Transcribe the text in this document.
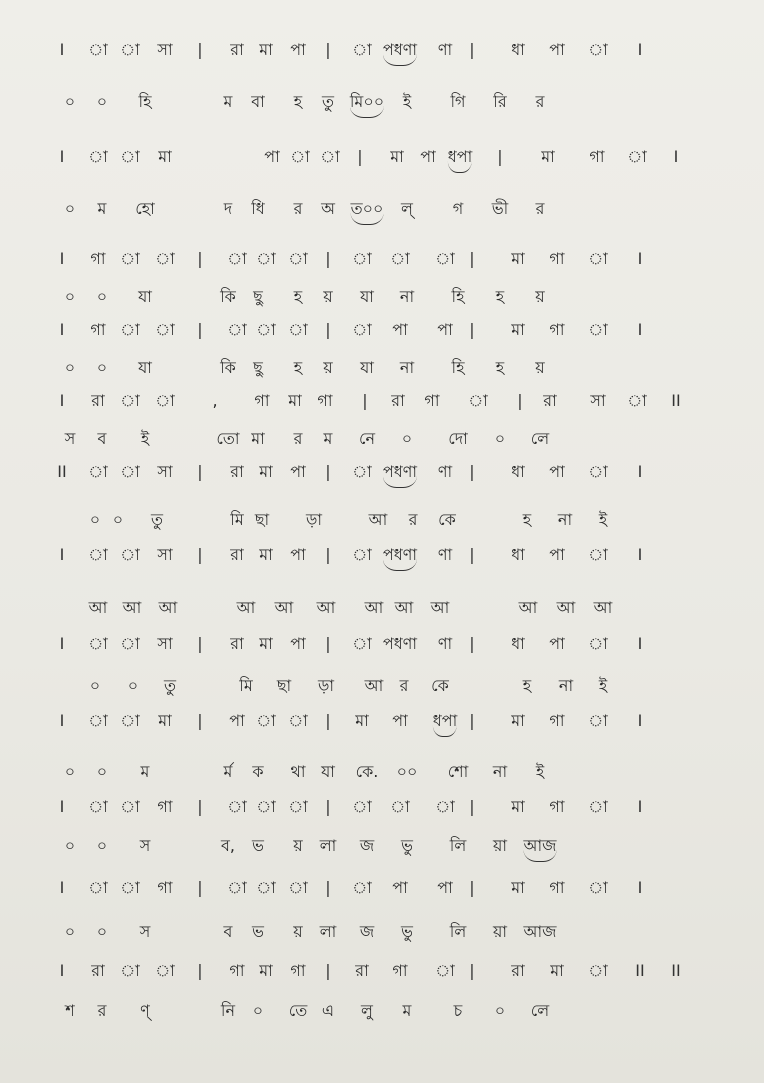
I া া সা | রা মা পা | া পধণা ণা | ধা পা া I
০ ০ হি	ম বা হ তু মি০০ ই গি রি র
I া া মা	পা া া | মা পা ধপা | মা গা া I
০ ম হো	দ ধি র অ ত০০ ল্ গ ভী র
I গা া া | া া া | া া া | মা গা া I
০ ০ যা	কি ছু হ য় যা না হি হ য়
I গা া া | া া া | া পা পা | মা গা া I
০ ০ যা	কি ছু হ য় যা না হি হ য়
I রা া া , গা মা গা | রা গা া | রা সা া II
স ব ই	তো মা র ম নে ০ দো ০ লে
II া া সা | রা মা পা | া পধণা ণা | ধা পা া I
০ ০ তু	মি ছা ড়া	আ র কে	হ না ই
I া া সা | রা মা পা | া পধণা ণা | ধা পা া I
আ আ আ	আ আ আ আ আ আ	আ আ আ
I া া সা | রা মা পা | া পধণা ণা | ধা পা া I
০ ০ তু	মি ছা ড়া আ র কে	হ না ই
I া া মা | পা া া | মা পা ধপা | মা গা া I
০ ০ ম	র্ম ক থা যা কে. ০০ শো না ই
I া া গা | া া া | া া া | মা গা া I
০ ০ স	ব, ভ য় লা জ ভু লি য়া আজ
I া া গা | া া া | া পা পা | মা গা া I
০ ০ স	ব ভ য় লা জ ভু লি য়া আজ
I রা া া | গা মা গা | রা গা া | রা মা া II II
শ র ণ্	নি ০ তে এ লু ম	চ ০ লে
